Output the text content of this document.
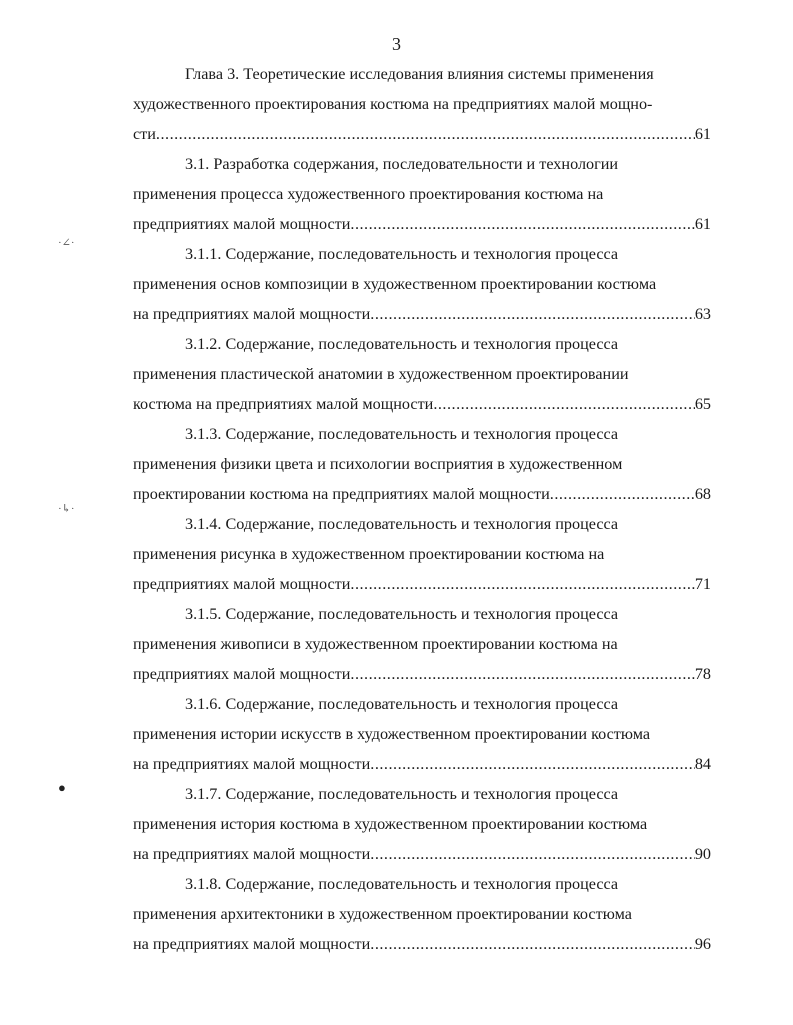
3
Глава 3. Теоретические исследования влияния системы применения
художественного проектирования костюма на предприятиях малой мощно-
сти .....	61
3.1. Разработка содержания, последовательности и технологии
применения процесса художественного проектирования костюма на
предприятиях малой мощности .....	61
3.1.1. Содержание, последовательность и технология процесса
применения основ композиции в художественном проектировании костюма
на предприятиях малой мощности .....	63
3.1.2. Содержание, последовательность и технология процесса
применения пластической анатомии в художественном проектировании
костюма на предприятиях малой мощности .....	65
3.1.3. Содержание, последовательность и технология процесса
применения физики цвета и психологии восприятия в художественном
проектировании костюма на предприятиях малой мощности .....	68
3.1.4. Содержание, последовательность и технология процесса
применения рисунка в художественном проектировании костюма на
предприятиях малой мощности .....	71
3.1.5. Содержание, последовательность и технология процесса
применения живописи в художественном проектировании костюма на
предприятиях малой мощности .....	78
3.1.6. Содержание, последовательность и технология процесса
применения истории искусств в художественном проектировании костюма
на предприятиях малой мощности .....	84
3.1.7. Содержание, последовательность и технология процесса
применения история костюма в художественном проектировании костюма
на предприятиях малой мощности .....	90
3.1.8. Содержание, последовательность и технология процесса
применения архитектоники в художественном проектировании костюма
на предприятиях малой мощности .....	96
·∠·
·↳·
●
